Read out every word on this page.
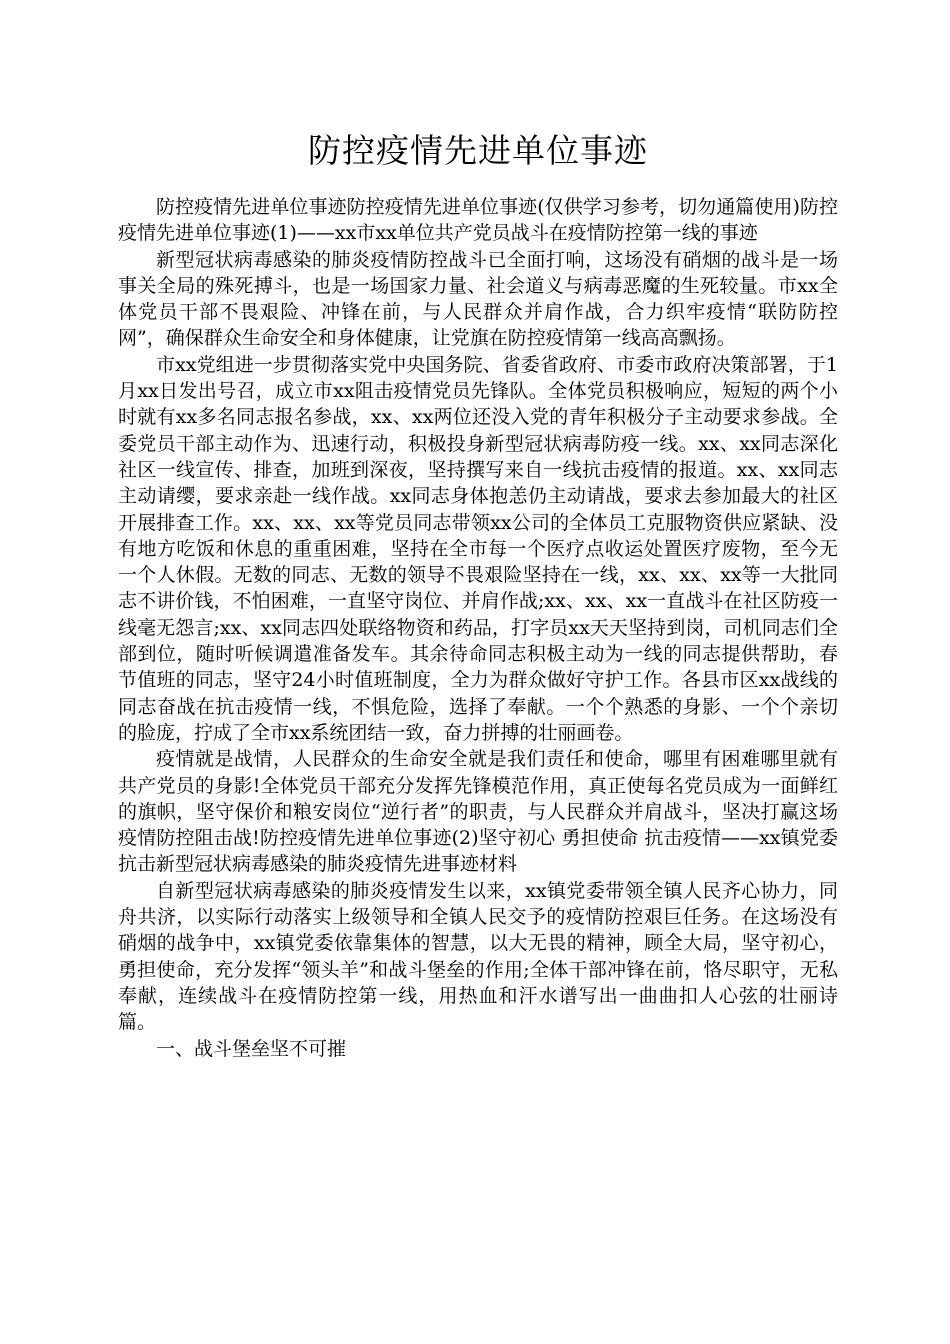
防控疫情先进单位事迹

防控疫情先进单位事迹防控疫情先进单位事迹(仅供学习参考，切勿通篇使用)防控疫情先进单位事迹(1)——xx市xx单位共产党员战斗在疫情防控第一线的事迹

新型冠状病毒感染的肺炎疫情防控战斗已全面打响，这场没有硝烟的战斗是一场事关全局的殊死搏斗，也是一场国家力量、社会道义与病毒恶魔的生死较量。市xx全体党员干部不畏艰险、冲锋在前，与人民群众并肩作战，合力织牢疫情“联防防控网”，确保群众生命安全和身体健康，让党旗在防控疫情第一线高高飘扬。

市xx党组进一步贯彻落实党中央国务院、省委省政府、市委市政府决策部署，于1月xx日发出号召，成立市xx阻击疫情党员先锋队。全体党员积极响应，短短的两个小时就有xx多名同志报名参战，xx、xx两位还没入党的青年积极分子主动要求参战。全委党员干部主动作为、迅速行动，积极投身新型冠状病毒防疫一线。xx、xx同志深化社区一线宣传、排查，加班到深夜，坚持撰写来自一线抗击疫情的报道。xx、xx同志主动请缨，要求亲赴一线作战。xx同志身体抱恙仍主动请战，要求去参加最大的社区开展排查工作。xx、xx、xx等党员同志带领xx公司的全体员工克服物资供应紧缺、没有地方吃饭和休息的重重困难，坚持在全市每一个医疗点收运处置医疗废物，至今无一个人休假。无数的同志、无数的领导不畏艰险坚持在一线，xx、xx、xx等一大批同志不讲价钱，不怕困难，一直坚守岗位、并肩作战;xx、xx、xx一直战斗在社区防疫一线毫无怨言;xx、xx同志四处联络物资和药品，打字员xx天天坚持到岗，司机同志们全部到位，随时听候调遣准备发车。其余待命同志积极主动为一线的同志提供帮助，春节值班的同志，坚守24小时值班制度，全力为群众做好守护工作。各县市区xx战线的同志奋战在抗击疫情一线，不惧危险，选择了奉献。一个个熟悉的身影、一个个亲切的脸庞，拧成了全市xx系统团结一致，奋力拼搏的壮丽画卷。

疫情就是战情，人民群众的生命安全就是我们责任和使命，哪里有困难哪里就有共产党员的身影!全体党员干部充分发挥先锋模范作用，真正使每名党员成为一面鲜红的旗帜，坚守保价和粮安岗位“逆行者”的职责，与人民群众并肩战斗，坚决打赢这场疫情防控阻击战!防控疫情先进单位事迹(2)坚守初心 勇担使命 抗击疫情——xx镇党委抗击新型冠状病毒感染的肺炎疫情先进事迹材料

自新型冠状病毒感染的肺炎疫情发生以来，xx镇党委带领全镇人民齐心协力，同舟共济，以实际行动落实上级领导和全镇人民交予的疫情防控艰巨任务。在这场没有硝烟的战争中，xx镇党委依靠集体的智慧，以大无畏的精神，顾全大局，坚守初心，勇担使命，充分发挥“领头羊”和战斗堡垒的作用;全体干部冲锋在前，恪尽职守，无私奉献，连续战斗在疫情防控第一线，用热血和汗水谱写出一曲曲扣人心弦的壮丽诗篇。

一、战斗堡垒坚不可摧
